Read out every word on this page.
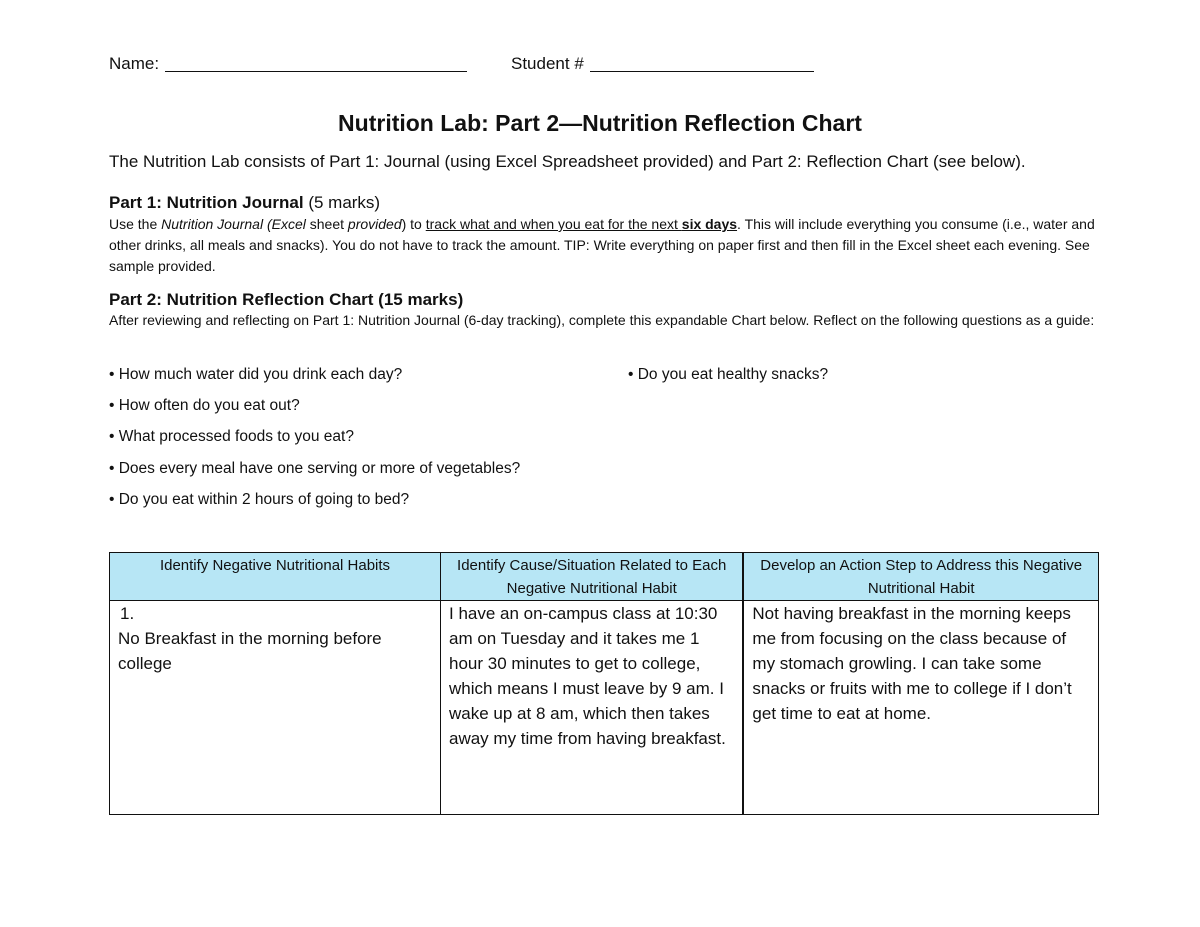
Name:	Student #
Nutrition Lab: Part 2—Nutrition Reflection Chart
The Nutrition Lab consists of Part 1: Journal (using Excel Spreadsheet provided) and Part 2: Reflection Chart (see below).
Part 1: Nutrition Journal (5 marks)
Use the Nutrition Journal (Excel sheet provided) to track what and when you eat for the next six days. This will include everything you consume (i.e., water and other drinks, all meals and snacks). You do not have to track the amount. TIP: Write everything on paper first and then fill in the Excel sheet each evening. See sample provided.
Part 2: Nutrition Reflection Chart (15 marks)
After reviewing and reflecting on Part 1: Nutrition Journal (6-day tracking), complete this expandable Chart below. Reflect on the following questions as a guide:
• How much water did you drink each day?	• Do you eat healthy snacks?
• How often do you eat out?
• What processed foods to you eat?
• Does every meal have one serving or more of vegetables?
• Do you eat within 2 hours of going to bed?
Identify Negative Nutritional Habits	Identify Cause/Situation Related to Each Negative Nutritional Habit	Develop an Action Step to Address this Negative Nutritional Habit
1.No Breakfast in the morning before college	I have an on-campus class at 10:30 am on Tuesday and it takes me 1 hour 30 minutes to get to college, which means I must leave by 9 am. I wake up at 8 am, which then takes away my time from having breakfast.	Not having breakfast in the morning keeps me from focusing on the class because of my stomach growling. I can take some snacks or fruits with me to college if I don’t get time to eat at home.
